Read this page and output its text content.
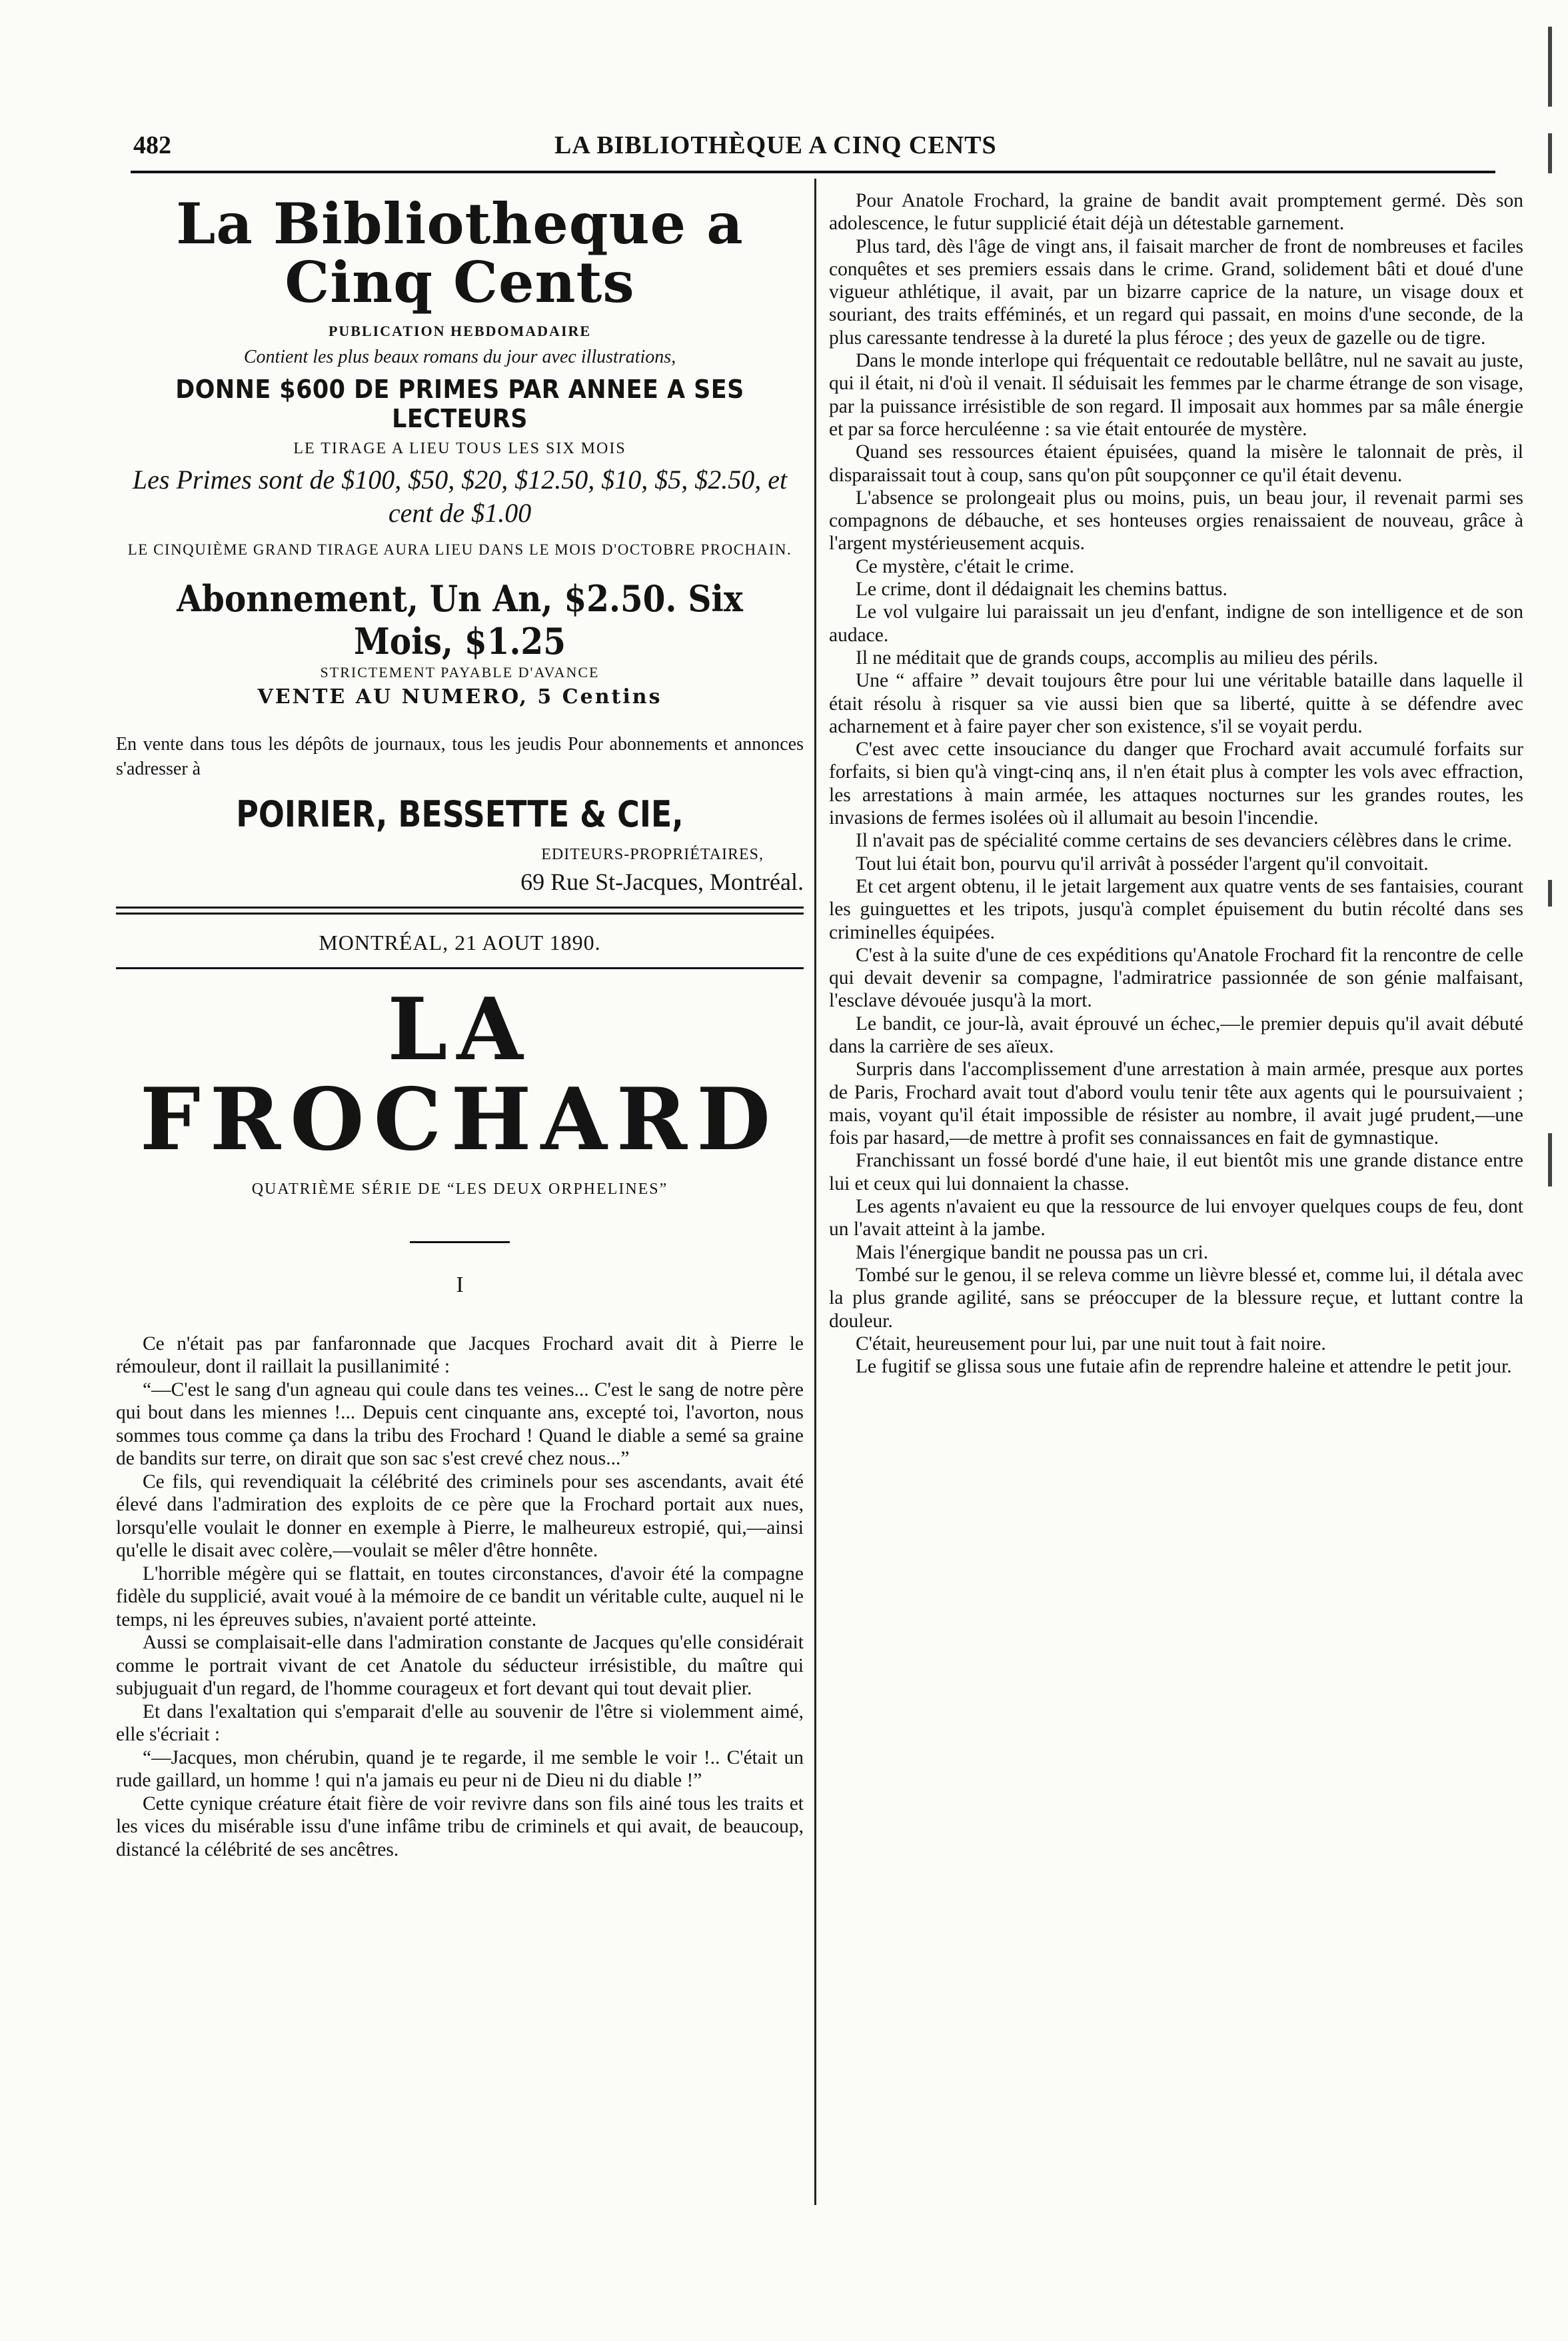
482	LA BIBLIOTHÈQUE A CINQ CENTS
La Bibliotheque a Cinq Cents
PUBLICATION HEBDOMADAIRE
Contient les plus beaux romans du jour avec illustrations,
DONNE $600 DE PRIMES PAR ANNEE A SES LECTEURS
LE TIRAGE A LIEU TOUS LES SIX MOIS
Les Primes sont de $100, $50, $20, $12.50, $10, $5, $2.50, et cent de $1.00
LE CINQUIÈME GRAND TIRAGE AURA LIEU DANS LE MOIS D'OCTOBRE PROCHAIN.
Abonnement, Un An, $2.50. Six Mois, $1.25
STRICTEMENT PAYABLE D'AVANCE
VENTE AU NUMERO, 5 Centins
En vente dans tous les dépôts de journaux, tous les jeudis Pour abonnements et annonces s'adresser à
POIRIER, BESSETTE & CIE,
EDITEURS-PROPRIÉTAIRES,
69 Rue St-Jacques, Montréal.
MONTRÉAL, 21 AOUT 1890.
LA FROCHARD
QUATRIÈME SÉRIE DE “LES DEUX ORPHELINES”
I

Ce n'était pas par fanfaronnade que Jacques Frochard avait dit à Pierre le rémouleur, dont il raillait la pusillanimité :

“—C'est le sang d'un agneau qui coule dans tes veines... C'est le sang de notre père qui bout dans les miennes !... Depuis cent cinquante ans, excepté toi, l'avorton, nous sommes tous comme ça dans la tribu des Frochard ! Quand le diable a semé sa graine de bandits sur terre, on dirait que son sac s'est crevé chez nous...”

Ce fils, qui revendiquait la célébrité des criminels pour ses ascendants, avait été élevé dans l'admiration des exploits de ce père que la Frochard portait aux nues, lorsqu'elle voulait le donner en exemple à Pierre, le malheureux estropié, qui,—ainsi qu'elle le disait avec colère,—voulait se mêler d'être honnête.

L'horrible mégère qui se flattait, en toutes circonstances, d'avoir été la compagne fidèle du supplicié, avait voué à la mémoire de ce bandit un véritable culte, auquel ni le temps, ni les épreuves subies, n'avaient porté atteinte.

Aussi se complaisait-elle dans l'admiration constante de Jacques qu'elle considérait comme le portrait vivant de cet Anatole du séducteur irrésistible, du maître qui subjuguait d'un regard, de l'homme courageux et fort devant qui tout devait plier.

Et dans l'exaltation qui s'emparait d'elle au souvenir de l'être si violemment aimé, elle s'écriait :

“—Jacques, mon chérubin, quand je te regarde, il me semble le voir !.. C'était un rude gaillard, un homme ! qui n'a jamais eu peur ni de Dieu ni du diable !”

Cette cynique créature était fière de voir revivre dans son fils ainé tous les traits et les vices du misérable issu d'une infâme tribu de criminels et qui avait, de beaucoup, distancé la célébrité de ses ancêtres.

Pour Anatole Frochard, la graine de bandit avait promptement germé. Dès son adolescence, le futur supplicié était déjà un détestable garnement.

Plus tard, dès l'âge de vingt ans, il faisait marcher de front de nombreuses et faciles conquêtes et ses premiers essais dans le crime. Grand, solidement bâti et doué d'une vigueur athlétique, il avait, par un bizarre caprice de la nature, un visage doux et souriant, des traits efféminés, et un regard qui passait, en moins d'une seconde, de la plus caressante tendresse à la dureté la plus féroce ; des yeux de gazelle ou de tigre.

Dans le monde interlope qui fréquentait ce redoutable bellâtre, nul ne savait au juste, qui il était, ni d'où il venait. Il séduisait les femmes par le charme étrange de son visage, par la puissance irrésistible de son regard. Il imposait aux hommes par sa mâle énergie et par sa force herculéenne : sa vie était entourée de mystère.

Quand ses ressources étaient épuisées, quand la misère le talonnait de près, il disparaissait tout à coup, sans qu'on pût soupçonner ce qu'il était devenu.

L'absence se prolongeait plus ou moins, puis, un beau jour, il revenait parmi ses compagnons de débauche, et ses honteuses orgies renaissaient de nouveau, grâce à l'argent mystérieusement acquis.

Ce mystère, c'était le crime.

Le crime, dont il dédaignait les chemins battus.

Le vol vulgaire lui paraissait un jeu d'enfant, indigne de son intelligence et de son audace.

Il ne méditait que de grands coups, accomplis au milieu des périls.

Une “ affaire ” devait toujours être pour lui une véritable bataille dans laquelle il était résolu à risquer sa vie aussi bien que sa liberté, quitte à se défendre avec acharnement et à faire payer cher son existence, s'il se voyait perdu.

C'est avec cette insouciance du danger que Frochard avait accumulé forfaits sur forfaits, si bien qu'à vingt-cinq ans, il n'en était plus à compter les vols avec effraction, les arrestations à main armée, les attaques nocturnes sur les grandes routes, les invasions de fermes isolées où il allumait au besoin l'incendie.

Il n'avait pas de spécialité comme certains de ses devanciers célèbres dans le crime.

Tout lui était bon, pourvu qu'il arrivât à posséder l'argent qu'il convoitait.

Et cet argent obtenu, il le jetait largement aux quatre vents de ses fantaisies, courant les guinguettes et les tripots, jusqu'à complet épuisement du butin récolté dans ses criminelles équipées.

C'est à la suite d'une de ces expéditions qu'Anatole Frochard fit la rencontre de celle qui devait devenir sa compagne, l'admiratrice passionnée de son génie malfaisant, l'esclave dévouée jusqu'à la mort.

Le bandit, ce jour-là, avait éprouvé un échec,—le premier depuis qu'il avait débuté dans la carrière de ses aïeux.

Surpris dans l'accomplissement d'une arrestation à main armée, presque aux portes de Paris, Frochard avait tout d'abord voulu tenir tête aux agents qui le poursuivaient ; mais, voyant qu'il était impossible de résister au nombre, il avait jugé prudent,—une fois par hasard,—de mettre à profit ses connaissances en fait de gymnastique.

Franchissant un fossé bordé d'une haie, il eut bientôt mis une grande distance entre lui et ceux qui lui donnaient la chasse.

Les agents n'avaient eu que la ressource de lui envoyer quelques coups de feu, dont un l'avait atteint à la jambe.

Mais l'énergique bandit ne poussa pas un cri.

Tombé sur le genou, il se releva comme un lièvre blessé et, comme lui, il détala avec la plus grande agilité, sans se préoccuper de la blessure reçue, et luttant contre la douleur.

C'était, heureusement pour lui, par une nuit tout à fait noire.

Le fugitif se glissa sous une futaie afin de reprendre haleine et attendre le petit jour.
